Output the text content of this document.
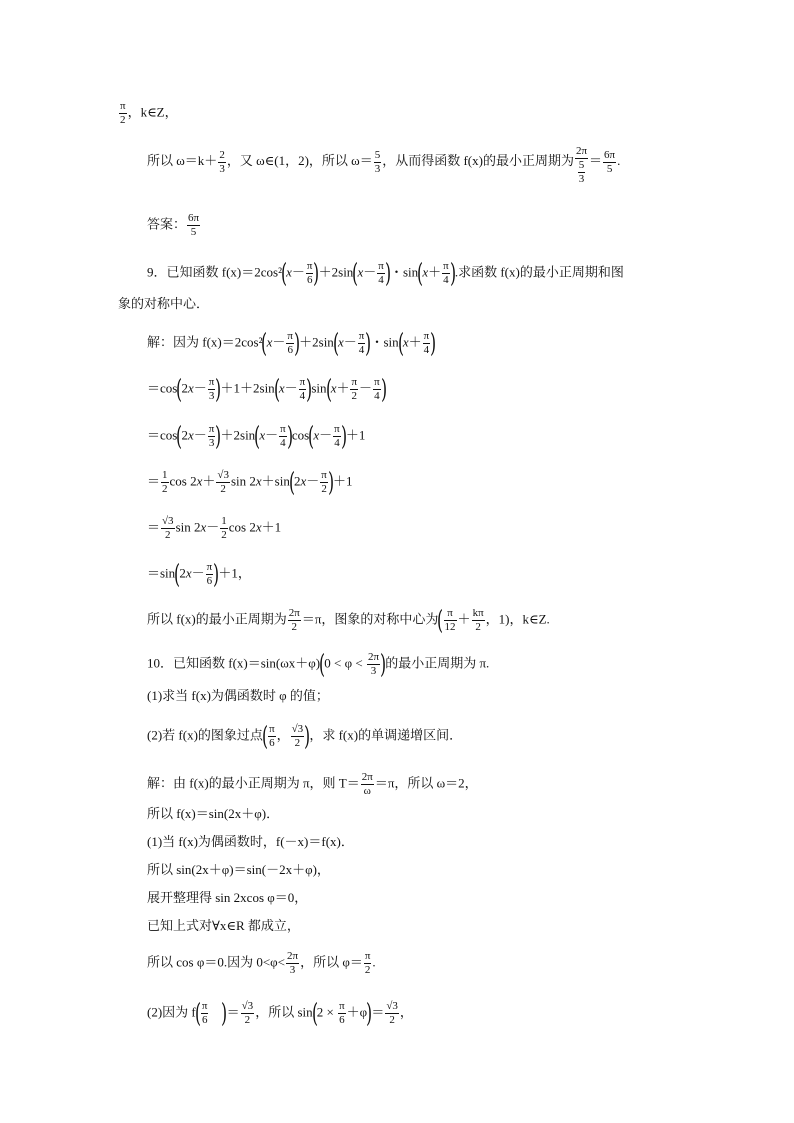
$\frac{\pi}{2}$ ，k∈Z，
所以 $\omega=k+ \frac{2}{3}$ ，又 ω∈(1，2)，所以 $\omega= \frac{5}{3}$ ，从而得函数 f(x)的最小正周期为 $\frac{2\pi}{\frac{5}{3}} = \frac{6\pi}{5}$ .
答案： $\frac{6\pi}{5}$
9．已知函数 $f(x)=2\cos^2(x- \frac{\pi}{6} )+2\sin(x- \frac{\pi}{4}$ )・$\sin(x+ \frac{\pi}{4}$ ).求函数 f(x)的最小正周期和图
象的对称中心．
解：因为 $f(x)=2\cos^2(x- \frac{\pi}{6} )+2\sin(x- \frac{\pi}{4}$ )・$\sin(x+ \frac{\pi}{4}$ )
$=\cos(2x- \frac{\pi}{3} )+1+2\sin(x- \frac{\pi}{4} )\sin(x+ \frac{\pi}{2} - \frac{\pi}{4}$ )
$=\cos(2x- \frac{\pi}{3} )+2\sin(x- \frac{\pi}{4} )\cos(x- \frac{\pi}{4} )+1$
＝ $\frac{1}{2}$ $\cos 2x+ \frac{√3}{2}$ $\sin 2x+\sin(2x- \frac{\pi}{2} )+1$
＝ $\frac{√3}{2}$ $\sin 2x- \frac{1}{2}$ cos 2x＋1
$=\sin(2x- \frac{\pi}{6} )+1$，
所以 f(x)的最小正周期为 $\frac{2\pi}{2} =\pi$，图象的对称中心为( $\frac{\pi}{12} + \frac{k\pi}{2}$ ，1)，k∈Z.
10．已知函数 $f(x)=\sin(\omega x+\varphi)(0 < \varphi < \frac{2\pi}{3}$ )的最小正周期为 π.
(1)求当 f(x)为偶函数时 φ 的值；
(2)若 f(x)的图象过点( $\frac{\pi}{6}$ ， $\frac{√3}{2}$ )，求 f(x)的单调递增区间．
解：由 f(x)的最小正周期为 π，则 $T= \frac{2\pi}{\omega} =\pi$，所以 ω＝2，
所以 f(x)＝sin(2x＋φ)．
(1)当 f(x)为偶函数时，f(－x)＝f(x)．
所以 sin(2x＋φ)＝sin(－2x＋φ)，
展开整理得 sin 2xcos φ＝0，
已知上式对∀x∈R 都成立，
所以 cos φ＝0.因为 $0<\varphi< \frac{2\pi}{3}$ ，所以 $\varphi= \frac{\pi}{2}$ .
(2)因为 $f( \frac{\pi}{6}$ )＝ $\frac{√3}{2}$ ，所以 $\sin(2 \times \frac{\pi}{6} +\varphi)= \frac{√3}{2}$ ，
